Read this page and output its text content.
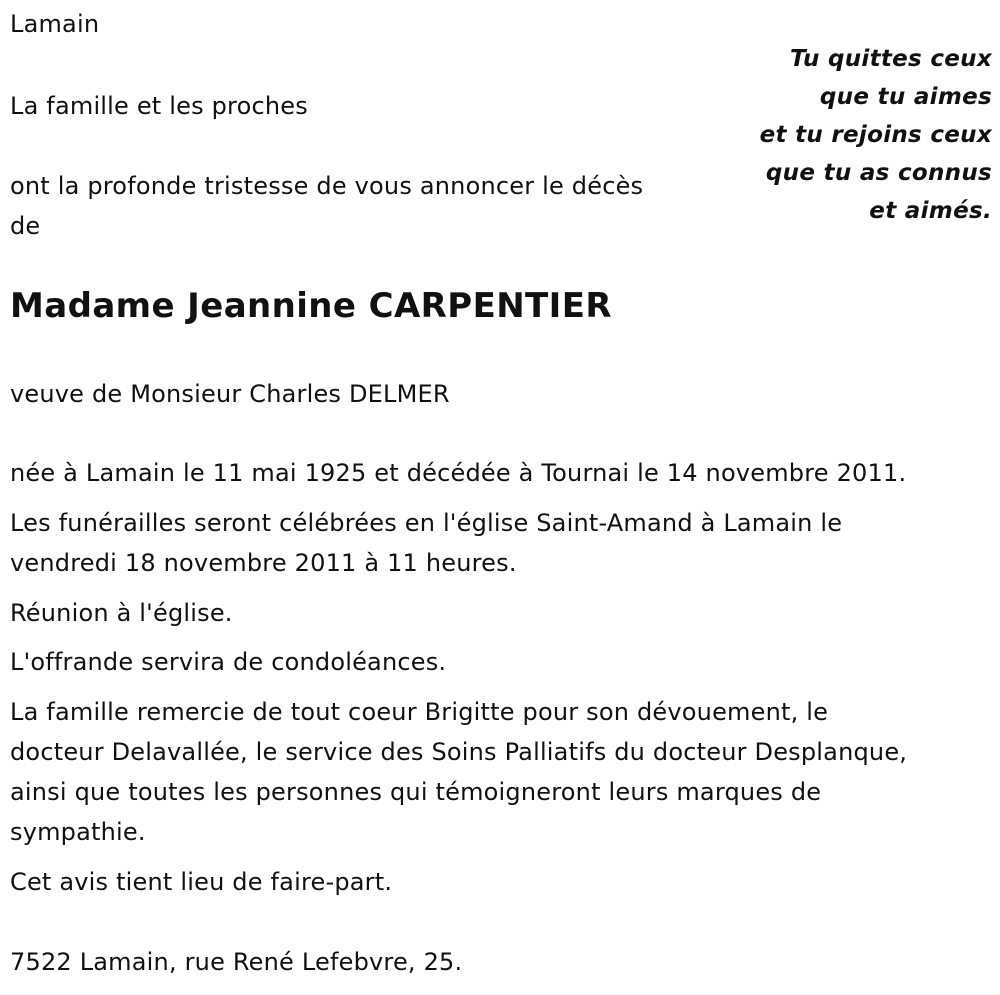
Lamain

La famille et les proches

ont la profonde tristesse de vous annoncer le décès

de

Madame Jeannine CARPENTIER

veuve de Monsieur Charles DELMER

née à Lamain le 11 mai 1925 et décédée à Tournai le 14 novembre 2011.

Les funérailles seront célébrées en l'église Saint-Amand à Lamain le

vendredi 18 novembre 2011 à 11 heures.

Réunion à l'église.

L'offrande servira de condoléances.

La famille remercie de tout coeur Brigitte pour son dévouement, le

docteur Delavallée, le service des Soins Palliatifs du docteur Desplanque,

ainsi que toutes les personnes qui témoigneront leurs marques de

sympathie.

Cet avis tient lieu de faire-part.

7522 Lamain, rue René Lefebvre, 25.

Tu quittes ceux
que tu aimes
et tu rejoins ceux
que tu as connus
et aimés.
